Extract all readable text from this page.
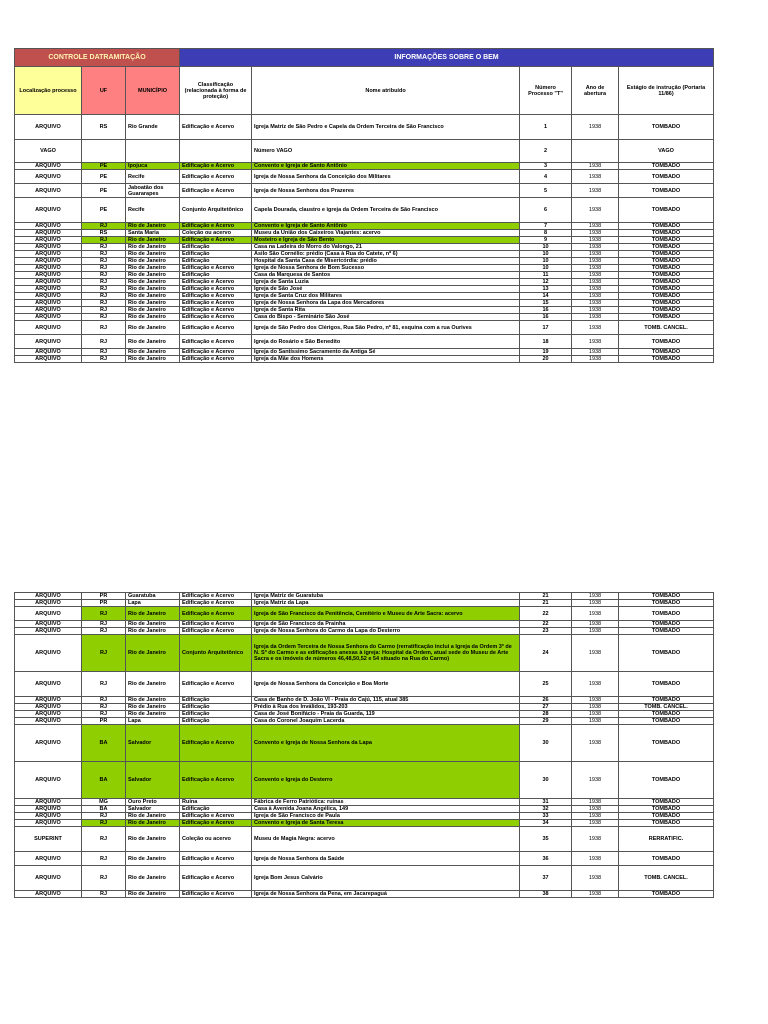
CONTROLE DATRAMITAÇÃO			INFORMAÇÕES SOBRE O BEM				
Localização processo	UF	MUNICÍPIO	Classificação (relacionada à forma de proteção)	Nome atribuído	Número Processo "T"	Ano de abertura	Estágio de instrução (Portaria 11/86)
ARQUIVO	RS	Rio Grande	Edificação e Acervo	Igreja Matriz de São Pedro e Capela da Ordem Terceira de São Francisco	1	1938	TOMBADO
VAGO				Número VAGO	2		VAGO
ARQUIVO	PE	Ipojuca	Edificação e Acervo	Convento e Igreja de Santo Antônio	3	1938	TOMBADO
ARQUIVO	PE	Recife	Edificação e Acervo	Igreja de Nossa Senhora da Conceição dos Militares	4	1938	TOMBADO
ARQUIVO	PE	Jaboatão dos Guararapes	Edificação e Acervo	Igreja de Nossa Senhora dos Prazeres	5	1938	TOMBADO
ARQUIVO	PE	Recife	Conjunto Arquitetônico	Capela Dourada, claustro e igreja da Ordem Terceira de São Francisco	6	1938	TOMBADO
ARQUIVO	RJ	Rio de Janeiro	Edificação e Acervo	Convento e Igreja de Santo Antônio	7	1938	TOMBADO
ARQUIVO	RS	Santa Maria	Coleção ou acervo	Museu da União dos Caixeiros Viajantes: acervo	8	1938	TOMBADO
ARQUIVO	RJ	Rio de Janeiro	Edificação e Acervo	Mosteiro e Igreja de São Bento	9	1938	TOMBADO
ARQUIVO	RJ	Rio de Janeiro	Edificação	Casa na Ladeira do Morro do Valongo, 21	10	1938	TOMBADO
ARQUIVO	RJ	Rio de Janeiro	Edificação	Asilo São Cornélio: prédio (Casa à Rua do Catete, nº 6)	10	1938	TOMBADO
ARQUIVO	RJ	Rio de Janeiro	Edificação	Hospital da Santa Casa de Misericórdia: prédio	10	1938	TOMBADO
ARQUIVO	RJ	Rio de Janeiro	Edificação e Acervo	Igreja de Nossa Senhora de Bom Sucesso	10	1938	TOMBADO
ARQUIVO	RJ	Rio de Janeiro	Edificação	Casa da Marquesa de Santos	11	1938	TOMBADO
ARQUIVO	RJ	Rio de Janeiro	Edificação e Acervo	Igreja de Santa Luzia	12	1938	TOMBADO
ARQUIVO	RJ	Rio de Janeiro	Edificação e Acervo	Igreja de São José	13	1938	TOMBADO
ARQUIVO	RJ	Rio de Janeiro	Edificação e Acervo	Igreja de Santa Cruz dos Militares	14	1938	TOMBADO
ARQUIVO	RJ	Rio de Janeiro	Edificação e Acervo	Igreja de Nossa Senhora da Lapa dos Mercadores	15	1938	TOMBADO
ARQUIVO	RJ	Rio de Janeiro	Edificação e Acervo	Igreja de Santa Rita	16	1938	TOMBADO
ARQUIVO	RJ	Rio de Janeiro	Edificação e Acervo	Casa do Bispo - Seminário São José	16	1938	TOMBADO
ARQUIVO	RJ	Rio de Janeiro	Edificação e Acervo	Igreja de São Pedro dos Clérigos, Rua São Pedro, nº 81, esquina com a rua Ourives	17	1938	TOMB. CANCEL.
ARQUIVO	RJ	Rio de Janeiro	Edificação e Acervo	Igreja do Rosário e São Benedito	18	1938	TOMBADO
ARQUIVO	RJ	Rio de Janeiro	Edificação e Acervo	Igreja do Santíssimo Sacramento da Antiga Sé	19	1938	TOMBADO
ARQUIVO	RJ	Rio de Janeiro	Edificação e Acervo	Igreja da Mãe dos Homens	20	1938	TOMBADO
ARQUIVO	PR	Guaratuba	Edificação e Acervo	Igreja Matriz de Guaratuba	21	1938	TOMBADO
ARQUIVO	PR	Lapa	Edificação e Acervo	Igreja Matriz da Lapa	21	1938	TOMBADO
ARQUIVO	RJ	Rio de Janeiro	Edificação e Acervo	Igreja de São Francisco da Penitência, Cemitério e Museu de Arte Sacra: acervo	22	1938	TOMBADO
ARQUIVO	RJ	Rio de Janeiro	Edificação e Acervo	Igreja de São Francisco da Prainha	22	1938	TOMBADO
ARQUIVO	RJ	Rio de Janeiro	Edificação e Acervo	Igreja de Nossa Senhora do Carmo da Lapa do Desterro	23	1938	TOMBADO
ARQUIVO	RJ	Rio de Janeiro	Conjunto Arquitetônico	Igreja da Ordem Terceira de Nossa Senhora do Carmo (rerratificação inclui a Igreja da Ordem 3ª de N. Sª do Carmo e as edificações anexas à igreja: Hospital da Ordem, atual sede do Museu de Arte Sacra e os imóveis de números 46,48,50,52 e 54 situado na Rua do Carmo)	24	1938	TOMBADO
ARQUIVO	RJ	Rio de Janeiro	Edificação e Acervo	Igreja de Nossa Senhora da Conceição e Boa Morte	25	1938	TOMBADO
ARQUIVO	RJ	Rio de Janeiro	Edificação	Casa de Banho de D. João VI - Praia do Cajú, 115, atual 385	26	1938	TOMBADO
ARQUIVO	RJ	Rio de Janeiro	Edificação	Prédio à Rua dos Inválidos, 193-203	27	1938	TOMB. CANCEL.
ARQUIVO	RJ	Rio de Janeiro	Edificação	Casa de José Bonifácio - Praia da Guarda, 119	28	1938	TOMBADO
ARQUIVO	PR	Lapa	Edificação	Casa do Coronel Joaquim Lacerda	29	1938	TOMBADO
ARQUIVO	BA	Salvador	Edificação e Acervo	Convento e Igreja de Nossa Senhora da Lapa	30	1938	TOMBADO
ARQUIVO	BA	Salvador	Edificação e Acervo	Convento e Igreja do Desterro	30	1938	TOMBADO
ARQUIVO	MG	Ouro Preto	Ruína	Fábrica de Ferro Patriótica: ruínas	31	1938	TOMBADO
ARQUIVO	BA	Salvador	Edificação	Casa à Avenida Joana Angélica, 149	32	1938	TOMBADO
ARQUIVO	RJ	Rio de Janeiro	Edificação e Acervo	Igreja de São Francisco de Paula	33	1938	TOMBADO
ARQUIVO	RJ	Rio de Janeiro	Edificação e Acervo	Convento e Igreja de Santa Teresa	34	1938	TOMBADO
SUPERINT	RJ	Rio de Janeiro	Coleção ou acervo	Museu de Magia Negra: acervo	35	1938	RERRATIFIC.
ARQUIVO	RJ	Rio de Janeiro	Edificação e Acervo	Igreja de Nossa Senhora da Saúde	36	1938	TOMBADO
ARQUIVO	RJ	Rio de Janeiro	Edificação e Acervo	Igreja Bom Jesus Calvário	37	1938	TOMB. CANCEL.
ARQUIVO	RJ	Rio de Janeiro	Edificação e Acervo	Igreja de Nossa Senhora da Pena, em Jacarepaguá	38	1938	TOMBADO
